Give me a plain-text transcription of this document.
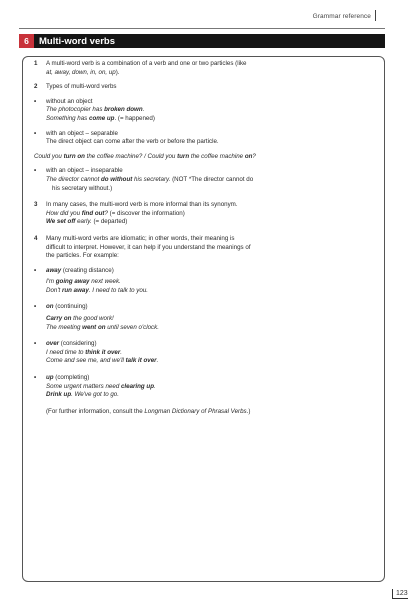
Grammar reference
6	Multi-word verbs
1 A multi-word verb is a combination of a verb and one or two particles (like
at, away, down, in, on, up).

2 Types of multi-word verbs

• without an object

The photocopier has broken down.

Something has come up. (= happened)

• with an object – separable

The direct object can come after the verb or before the particle.

Could you turn on the coffee machine? / Could you turn the coffee machine on?

• with an object – inseparable

The director cannot do without his secretary. (NOT *The director cannot do
his secretary without.)

3 In many cases, the multi-word verb is more informal than its synonym.

How did you find out? (= discover the information)

We set off early. (= departed)

4 Many multi-word verbs are idiomatic; in other words, their meaning is
difficult to interpret. However, it can help if you understand the meanings of
the particles. For example:

• away (creating distance)

I'm going away next week.

Don't run away. I need to talk to you.

• on (continuing)

Carry on the good work!

The meeting went on until seven o'clock.

• over (considering)

I need time to think it over.

Come and see me, and we'll talk it over.

• up (completing)

Some urgent matters need clearing up.

Drink up. We've got to go.

(For further information, consult the Longman Dictionary of Phrasal Verbs.)

123
